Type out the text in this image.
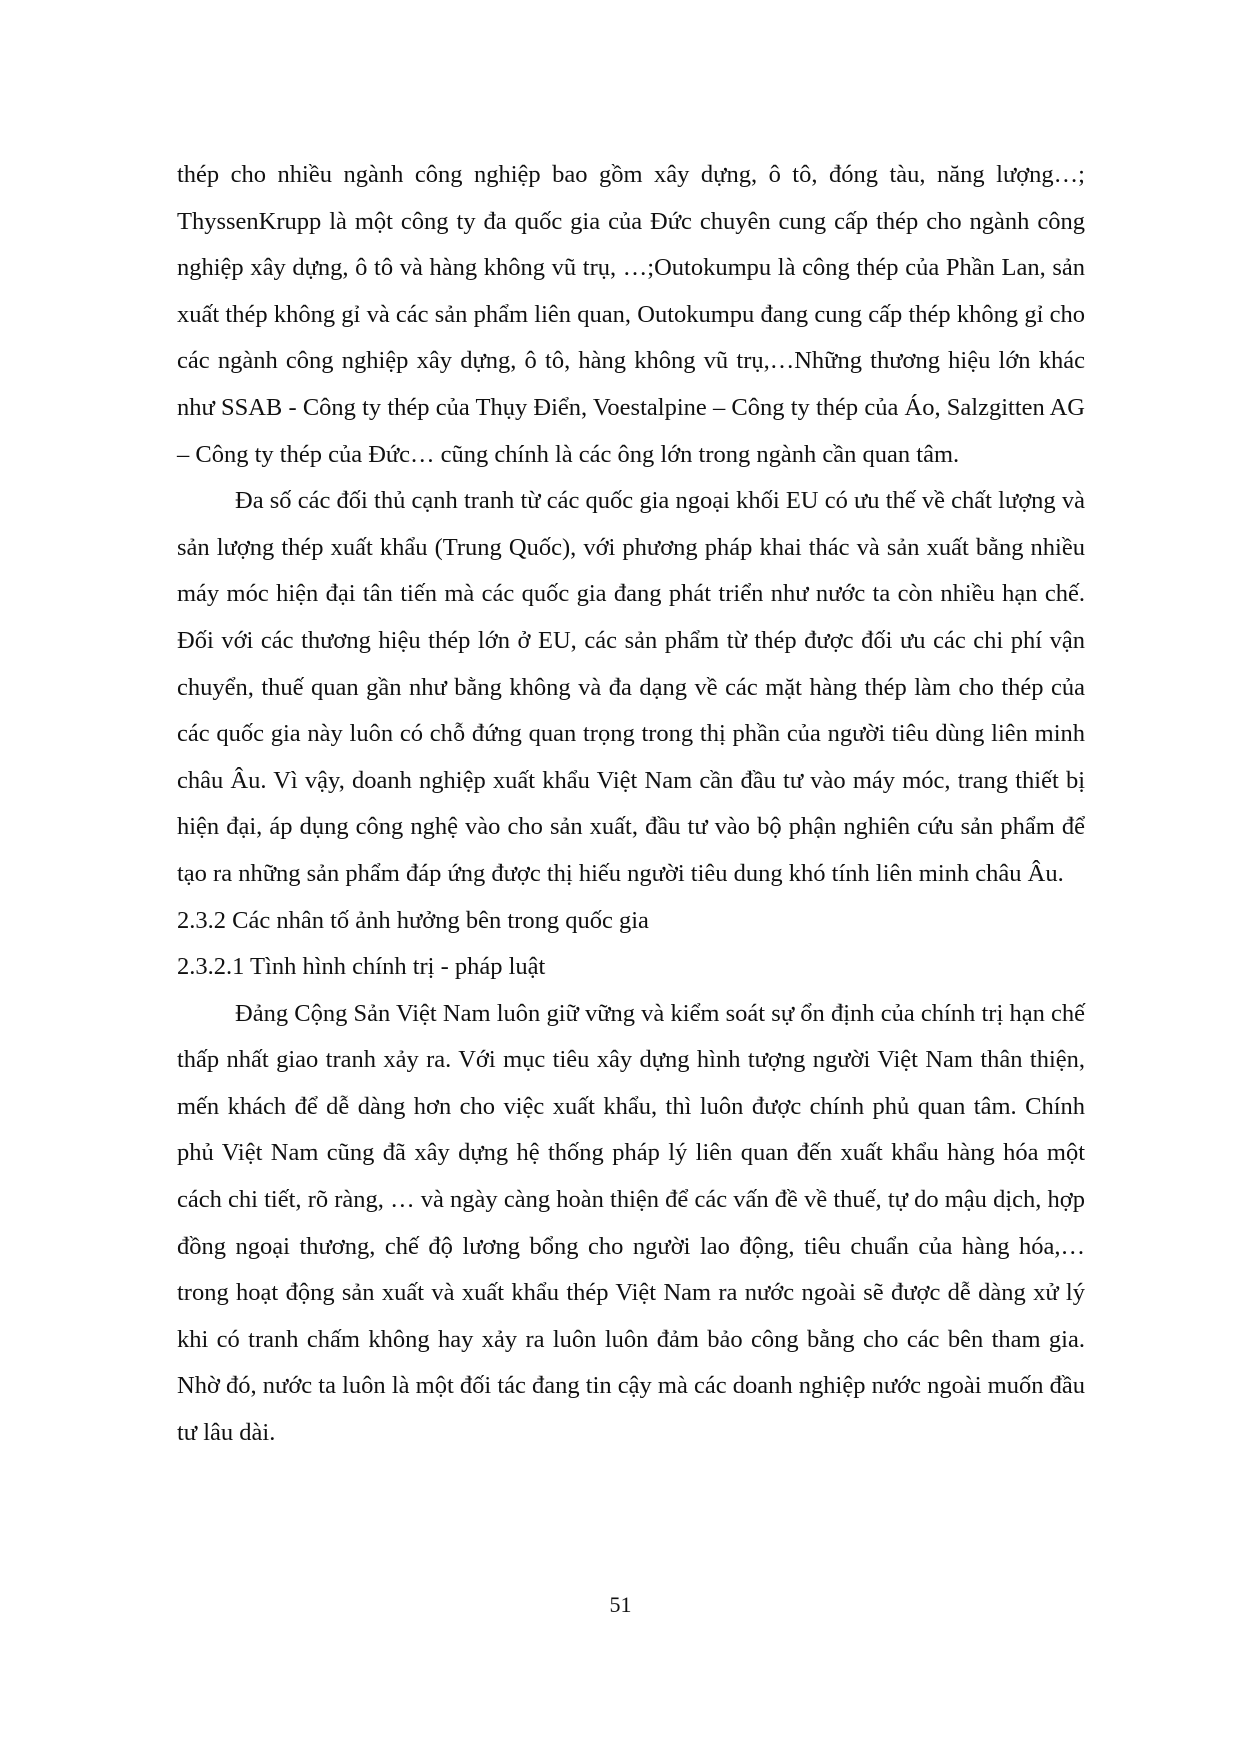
thép cho nhiều ngành công nghiệp bao gồm xây dựng, ô tô, đóng tàu, năng lượng…; ThyssenKrupp là một công ty đa quốc gia của Đức chuyên cung cấp thép cho ngành công nghiệp xây dựng, ô tô và hàng không vũ trụ, …;Outokumpu là công thép của Phần Lan, sản xuất thép không gỉ và các sản phẩm liên quan, Outokumpu đang cung cấp thép không gỉ cho các ngành công nghiệp xây dựng, ô tô, hàng không vũ trụ,…Những thương hiệu lớn khác như SSAB - Công ty thép của Thụy Điển, Voestalpine – Công ty thép của Áo, Salzgitten AG – Công ty thép của Đức… cũng chính là các ông lớn trong ngành cần quan tâm.

Đa số các đối thủ cạnh tranh từ các quốc gia ngoại khối EU có ưu thế về chất lượng và sản lượng thép xuất khẩu (Trung Quốc), với phương pháp khai thác và sản xuất bằng nhiều máy móc hiện đại tân tiến mà các quốc gia đang phát triển như nước ta còn nhiều hạn chế. Đối với các thương hiệu thép lớn ở EU, các sản phẩm từ thép được đối ưu các chi phí vận chuyển, thuế quan gần như bằng không và đa dạng về các mặt hàng thép làm cho thép của các quốc gia này luôn có chỗ đứng quan trọng trong thị phần của người tiêu dùng liên minh châu Âu. Vì vậy, doanh nghiệp xuất khẩu Việt Nam cần đầu tư vào máy móc, trang thiết bị hiện đại, áp dụng công nghệ vào cho sản xuất, đầu tư vào bộ phận nghiên cứu sản phẩm để tạo ra những sản phẩm đáp ứng được thị hiếu người tiêu dung khó tính liên minh châu Âu.

2.3.2 Các nhân tố ảnh hưởng bên trong quốc gia

2.3.2.1 Tình hình chính trị - pháp luật

Đảng Cộng Sản Việt Nam luôn giữ vững và kiểm soát sự ổn định của chính trị hạn chế thấp nhất giao tranh xảy ra. Với mục tiêu xây dựng hình tượng người Việt Nam thân thiện, mến khách để dễ dàng hơn cho việc xuất khẩu, thì luôn được chính phủ quan tâm. Chính phủ Việt Nam cũng đã xây dựng hệ thống pháp lý liên quan đến xuất khẩu hàng hóa một cách chi tiết, rõ ràng, … và ngày càng hoàn thiện để các vấn đề về thuế, tự do mậu dịch, hợp đồng ngoại thương, chế độ lương bổng cho người lao động, tiêu chuẩn của hàng hóa,…trong hoạt động sản xuất và xuất khẩu thép Việt Nam ra nước ngoài sẽ được dễ dàng xử lý khi có tranh chấm không hay xảy ra luôn luôn đảm bảo công bằng cho các bên tham gia. Nhờ đó, nước ta luôn là một đối tác đang tin cậy mà các doanh nghiệp nước ngoài muốn đầu tư lâu dài.

51
